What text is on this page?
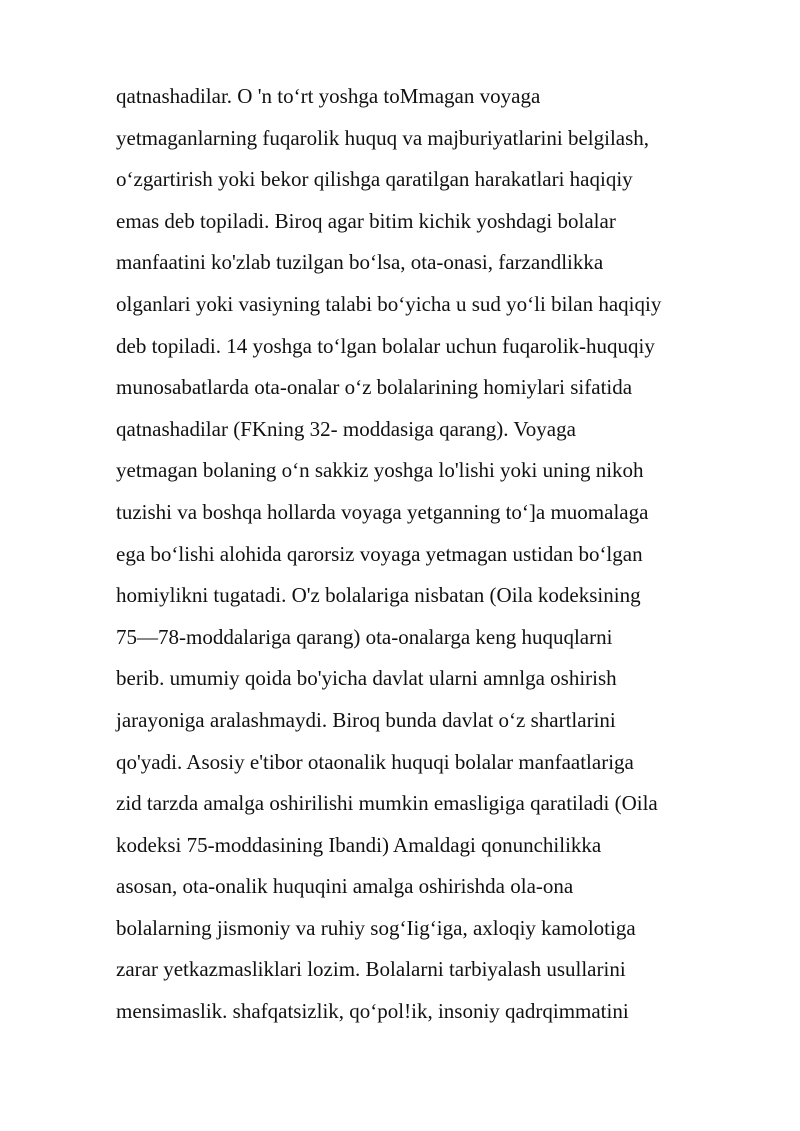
qatnashadilar. O 'n to‘rt yoshga toMmagan voyaga
yetmaganlarning fuqarolik huquq va majburiyatlarini belgilash,
o‘zgartirish yoki bekor qilishga qaratilgan harakatlari haqiqiy
emas deb topiladi. Biroq agar bitim kichik yoshdagi bolalar
manfaatini ko'zlab tuzilgan bo‘lsa, ota-onasi, farzandlikka
olganlari yoki vasiyning talabi bo‘yicha u sud yo‘li bilan haqiqiy
deb topiladi. 14 yoshga to‘lgan bolalar uchun fuqarolik-huquqiy
munosabatlarda ota-onalar o‘z bolalarining homiylari sifatida
qatnashadilar (FKning 32- moddasiga qarang). Voyaga
yetmagan bolaning o‘n sakkiz yoshga lo'lishi yoki uning nikoh
tuzishi va boshqa hollarda voyaga yetganning to‘]a muomalaga
ega bo‘lishi alohida qarorsiz voyaga yetmagan ustidan bo‘lgan
homiylikni tugatadi. O'z bolalariga nisbatan (Oila kodeksining
75—78-moddalariga qarang) ota-onalarga keng huquqlarni
berib. umumiy qoida bo'yicha davlat ularni amnlga oshirish
jarayoniga aralashmaydi. Biroq bunda davlat o‘z shartlarini
qo'yadi. Asosiy e'tibor otaonalik huquqi bolalar manfaatlariga
zid tarzda amalga oshirilishi mumkin emasligiga qaratiladi (Oila
kodeksi 75-moddasining Ibandi) Amaldagi qonunchilikka
asosan, ota-onalik huquqini amalga oshirishda ola-ona
bolalarning jismoniy va ruhiy sog‘Iig‘iga, axloqiy kamolotiga
zarar yetkazmasliklari lozim. Bolalarni tarbiyalash usullarini
mensimaslik. shafqatsizlik, qo‘pol!ik, insoniy qadrqimmatini
